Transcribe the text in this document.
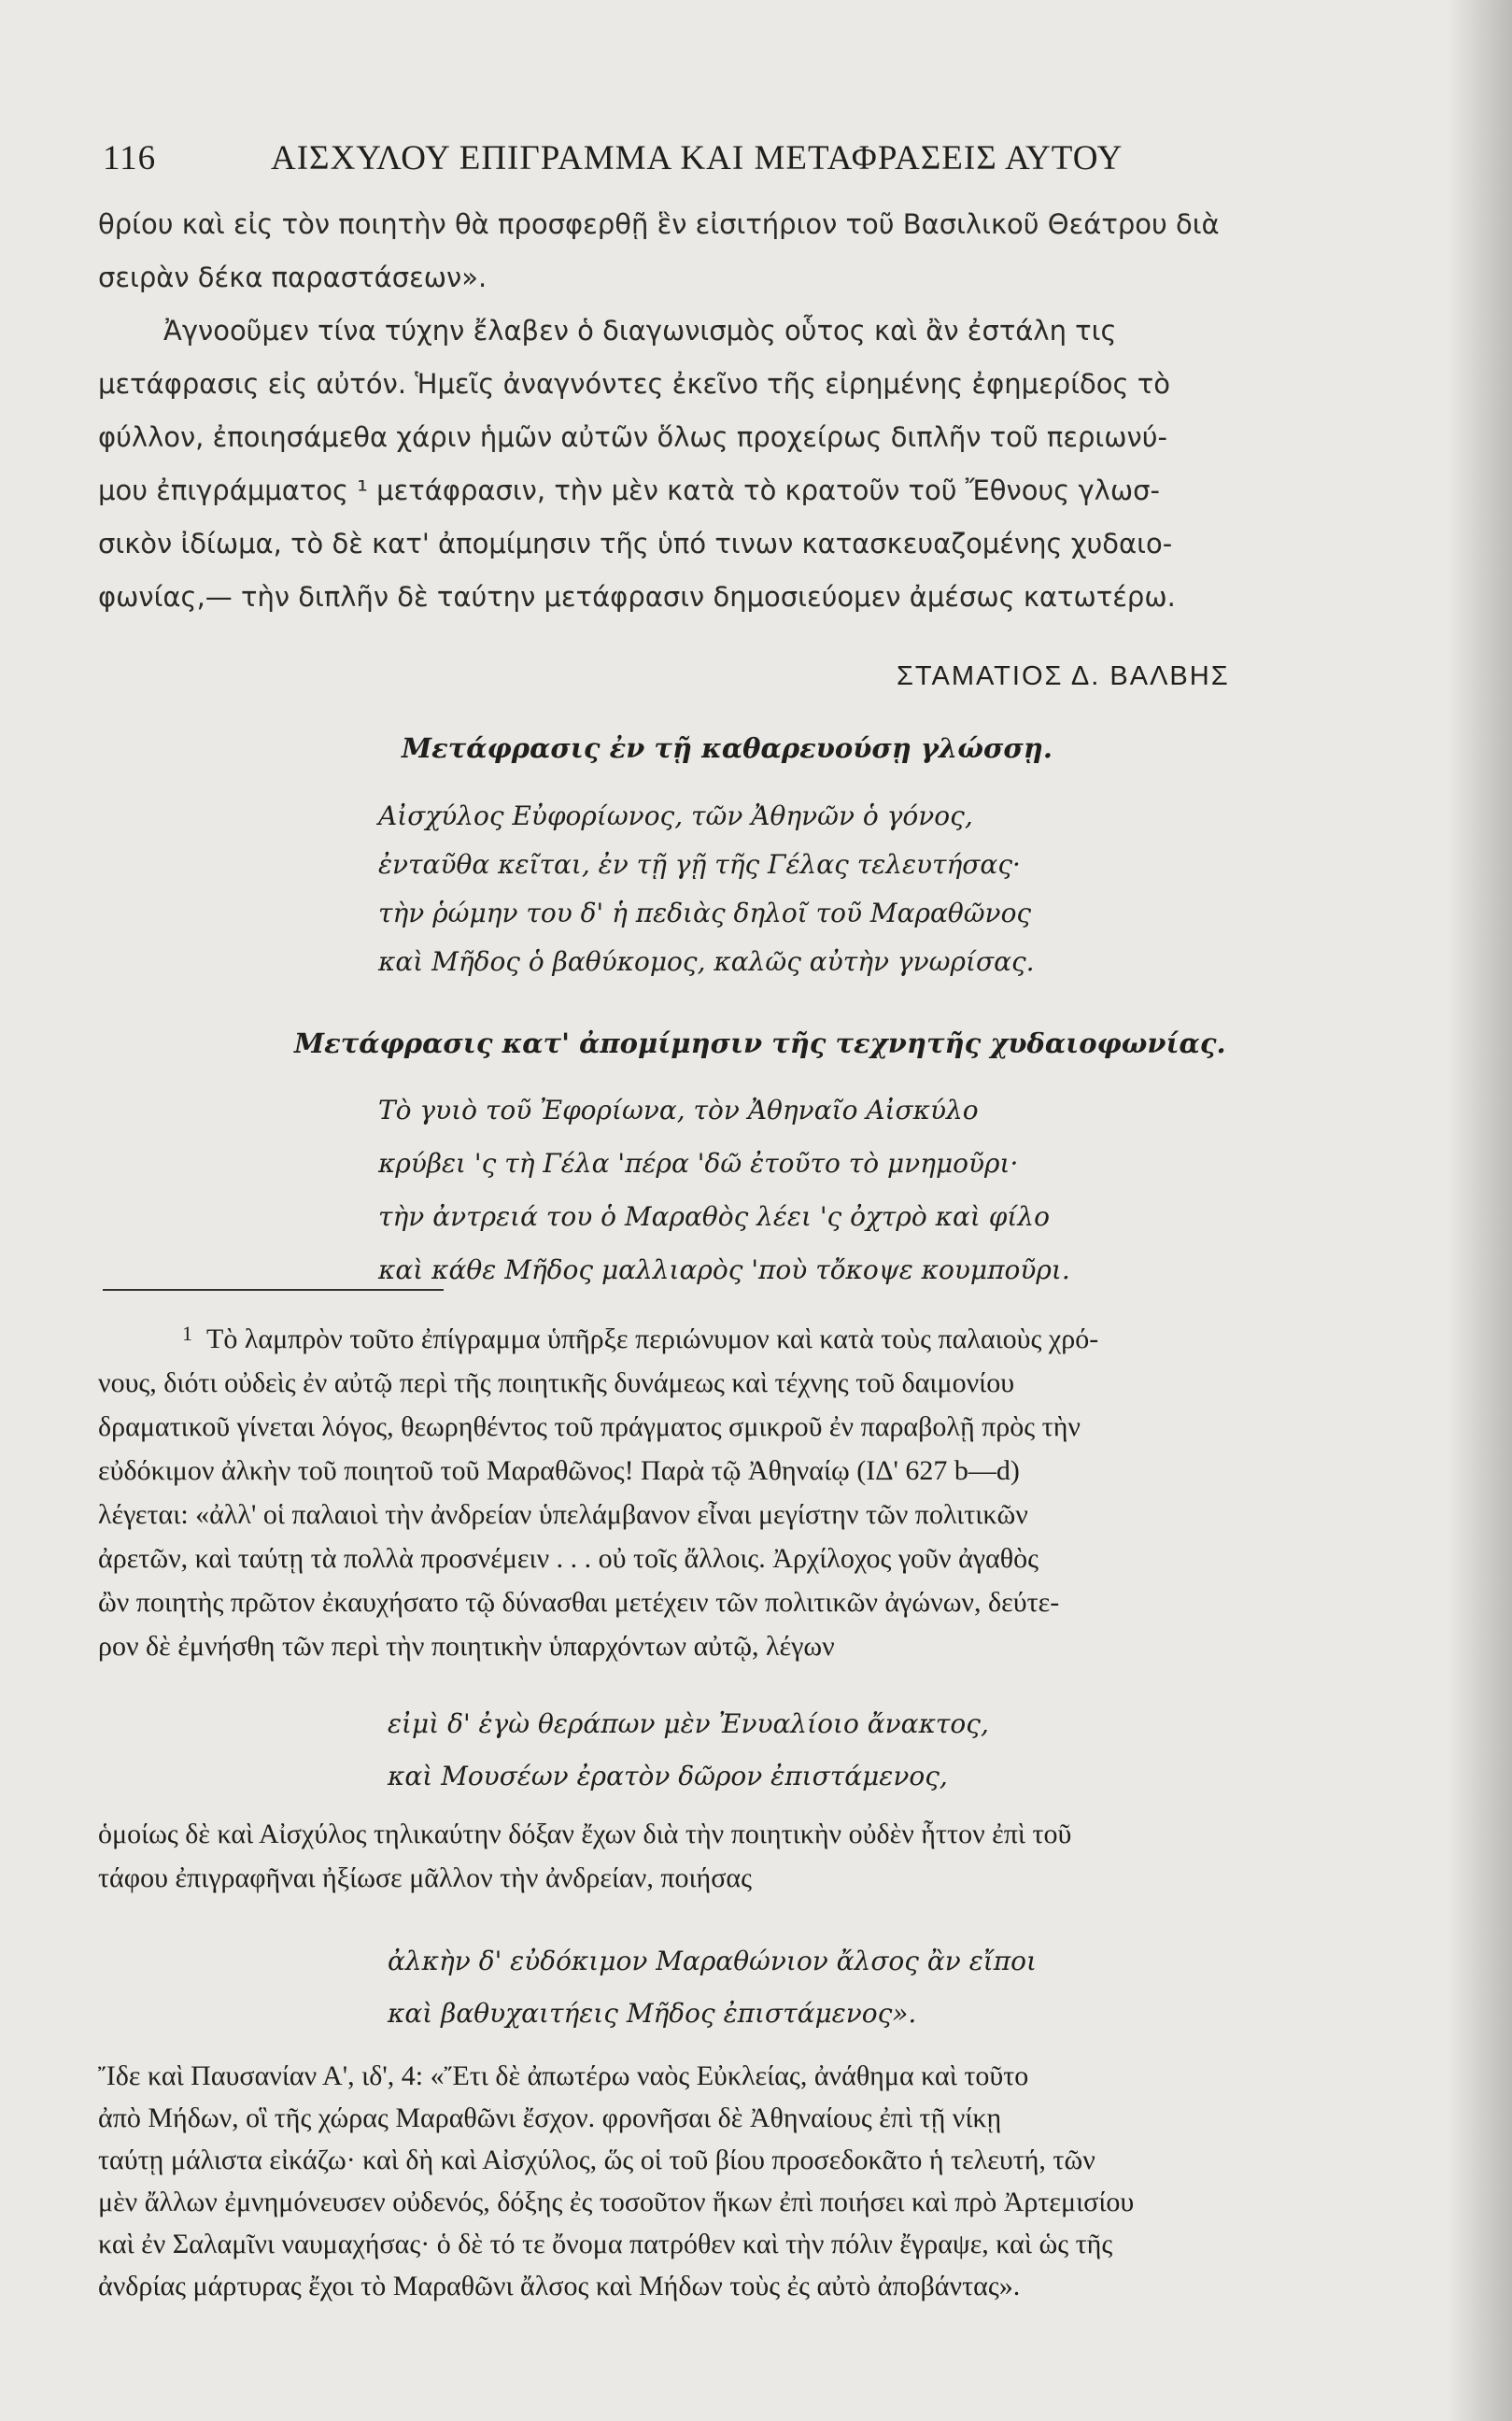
116	ΑΙΣΧΥΛΟΥ ΕΠΙΓΡΑΜΜΑ ΚΑΙ ΜΕΤΑΦΡΑΣΕΙΣ ΑΥΤΟΥ
θρίου καὶ εἰς τὸν ποιητὴν θὰ προσφερθῇ ἓν εἰσιτήριον τοῦ Βασιλικοῦ Θεάτρου διὰ
σειρὰν δέκα παραστάσεων».
Ἀγνοοῦμεν τίνα τύχην ἔλαβεν ὁ διαγωνισμὸς οὗτος καὶ ἂν ἐστάλη τις
μετάφρασις εἰς αὐτόν. Ἡμεῖς ἀναγνόντες ἐκεῖνο τῆς εἰρημένης ἐφημερίδος τὸ
φύλλον, ἐποιησάμεθα χάριν ἡμῶν αὐτῶν ὅλως προχείρως διπλῆν τοῦ περιωνύ-
μου ἐπιγράμματος ¹ μετάφρασιν, τὴν μὲν κατὰ τὸ κρατοῦν τοῦ Ἔθνους γλωσ-
σικὸν ἰδίωμα, τὸ δὲ κατ' ἀπομίμησιν τῆς ὑπό τινων κατασκευαζομένης χυδαιο-
φωνίας,— τὴν διπλῆν δὲ ταύτην μετάφρασιν δημοσιεύομεν ἀμέσως κατωτέρω.
ΣΤΑΜΑΤΙΟΣ Δ. ΒΑΛΒΗΣ
Μετάφρασις ἐν τῇ καθαρευούσῃ γλώσσῃ.
Αἰσχύλος Εὐφορίωνος, τῶν Ἀθηνῶν ὁ γόνος,
ἐνταῦθα κεῖται, ἐν τῇ γῇ τῆς Γέλας τελευτήσας·
τὴν ῥώμην του δ' ἡ πεδιὰς δηλοῖ τοῦ Μαραθῶνος
καὶ Μῆδος ὁ βαθύκομος, καλῶς αὐτὴν γνωρίσας.
Μετάφρασις κατ' ἀπομίμησιν τῆς τεχνητῆς χυδαιοφωνίας.
Τὸ γυιὸ τοῦ Ἐφορίωνα, τὸν Ἀθηναῖο Αἰσκύλο
κρύβει 'ς τὴ Γέλα 'πέρα 'δῶ ἐτοῦτο τὸ μνημοῦρι·
τὴν ἀντρειά του ὁ Μαραθὸς λέει 'ς ὀχτρὸ καὶ φίλο
καὶ κάθε Μῆδος μαλλιαρὸς 'ποὺ τὄκοψε κουμποῦρι.
1 Τὸ λαμπρὸν τοῦτο ἐπίγραμμα ὑπῆρξε περιώνυμον καὶ κατὰ τοὺς παλαιοὺς χρό-
νους, διότι οὐδεὶς ἐν αὐτῷ περὶ τῆς ποιητικῆς δυνάμεως καὶ τέχνης τοῦ δαιμονίου
δραματικοῦ γίνεται λόγος, θεωρηθέντος τοῦ πράγματος σμικροῦ ἐν παραβολῇ πρὸς τὴν
εὐδόκιμον ἀλκὴν τοῦ ποιητοῦ τοῦ Μαραθῶνος! Παρὰ τῷ Ἀθηναίῳ (ΙΔ' 627 b—d)
λέγεται: «ἀλλ' οἱ παλαιοὶ τὴν ἀνδρείαν ὑπελάμβανον εἶναι μεγίστην τῶν πολιτικῶν
ἀρετῶν, καὶ ταύτῃ τὰ πολλὰ προσνέμειν . . . οὐ τοῖς ἄλλοις. Ἀρχίλοχος γοῦν ἀγαθὸς
ὢν ποιητὴς πρῶτον ἐκαυχήσατο τῷ δύνασθαι μετέχειν τῶν πολιτικῶν ἀγώνων, δεύτε-
ρον δὲ ἐμνήσθη τῶν περὶ τὴν ποιητικὴν ὑπαρχόντων αὐτῷ, λέγων
εἰμὶ δ' ἐγὼ θεράπων μὲν Ἐνυαλίοιο ἄνακτος,
καὶ Μουσέων ἐρατὸν δῶρον ἐπιστάμενος,
ὁμοίως δὲ καὶ Αἰσχύλος τηλικαύτην δόξαν ἔχων διὰ τὴν ποιητικὴν οὐδὲν ἧττον ἐπὶ τοῦ
τάφου ἐπιγραφῆναι ἠξίωσε μᾶλλον τὴν ἀνδρείαν, ποιήσας
ἀλκὴν δ' εὐδόκιμον Μαραθώνιον ἄλσος ἂν εἴποι
καὶ βαθυχαιτήεις Μῆδος ἐπιστάμενος».
Ἴδε καὶ Παυσανίαν Α', ιδ', 4: «Ἔτι δὲ ἀπωτέρω ναὸς Εὐκλείας, ἀνάθημα καὶ τοῦτο
ἀπὸ Μήδων, οἳ τῆς χώρας Μαραθῶνι ἔσχον. φρονῆσαι δὲ Ἀθηναίους ἐπὶ τῇ νίκῃ
ταύτῃ μάλιστα εἰκάζω· καὶ δὴ καὶ Αἰσχύλος, ὥς οἱ τοῦ βίου προσεδοκᾶτο ἡ τελευτή, τῶν
μὲν ἄλλων ἐμνημόνευσεν οὐδενός, δόξης ἐς τοσοῦτον ἥκων ἐπὶ ποιήσει καὶ πρὸ Ἀρτεμισίου
καὶ ἐν Σαλαμῖνι ναυμαχήσας· ὁ δὲ τό τε ὄνομα πατρόθεν καὶ τὴν πόλιν ἔγραψε, καὶ ὡς τῆς
ἀνδρίας μάρτυρας ἔχοι τὸ Μαραθῶνι ἄλσος καὶ Μήδων τοὺς ἐς αὐτὸ ἀποβάντας».
